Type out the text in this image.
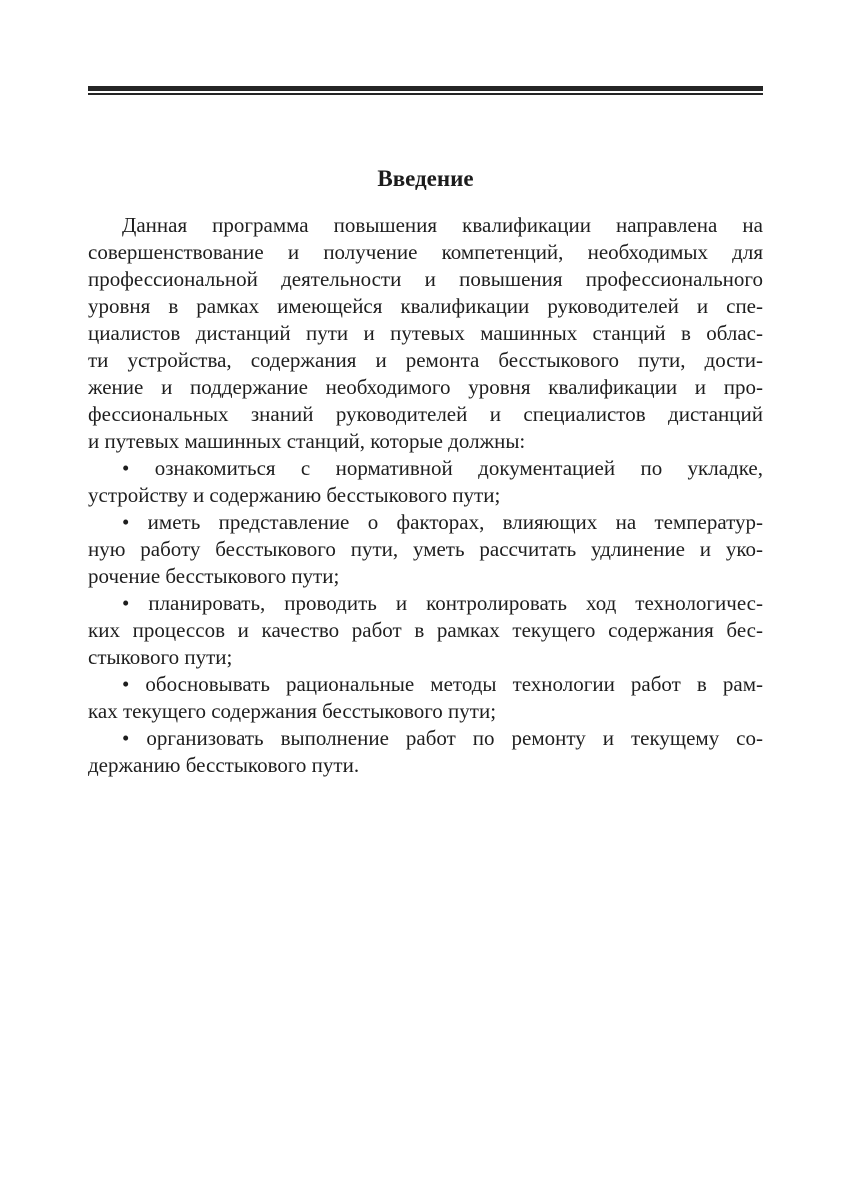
Введение
Данная программа повышения квалификации направлена на
совершенствование и получение компетенций, необходимых для
профессиональной деятельности и повышения профессионального
уровня в рамках имеющейся квалификации руководителей и спе-
циалистов дистанций пути и путевых машинных станций в облас-
ти устройства, содержания и ремонта бесстыкового пути, дости-
жение и поддержание необходимого уровня квалификации и про-
фессиональных знаний руководителей и специалистов дистанций
и путевых машинных станций, которые должны:
• ознакомиться с нормативной документацией по укладке,
устройству и содержанию бесстыкового пути;
• иметь представление о факторах, влияющих на температур-
ную работу бесстыкового пути, уметь рассчитать удлинение и уко-
рочение бесстыкового пути;
• планировать, проводить и контролировать ход технологичес-
ких процессов и качество работ в рамках текущего содержания бес-
стыкового пути;
• обосновывать рациональные методы технологии работ в рам-
ках текущего содержания бесстыкового пути;
• организовать выполнение работ по ремонту и текущему со-
держанию бесстыкового пути.
